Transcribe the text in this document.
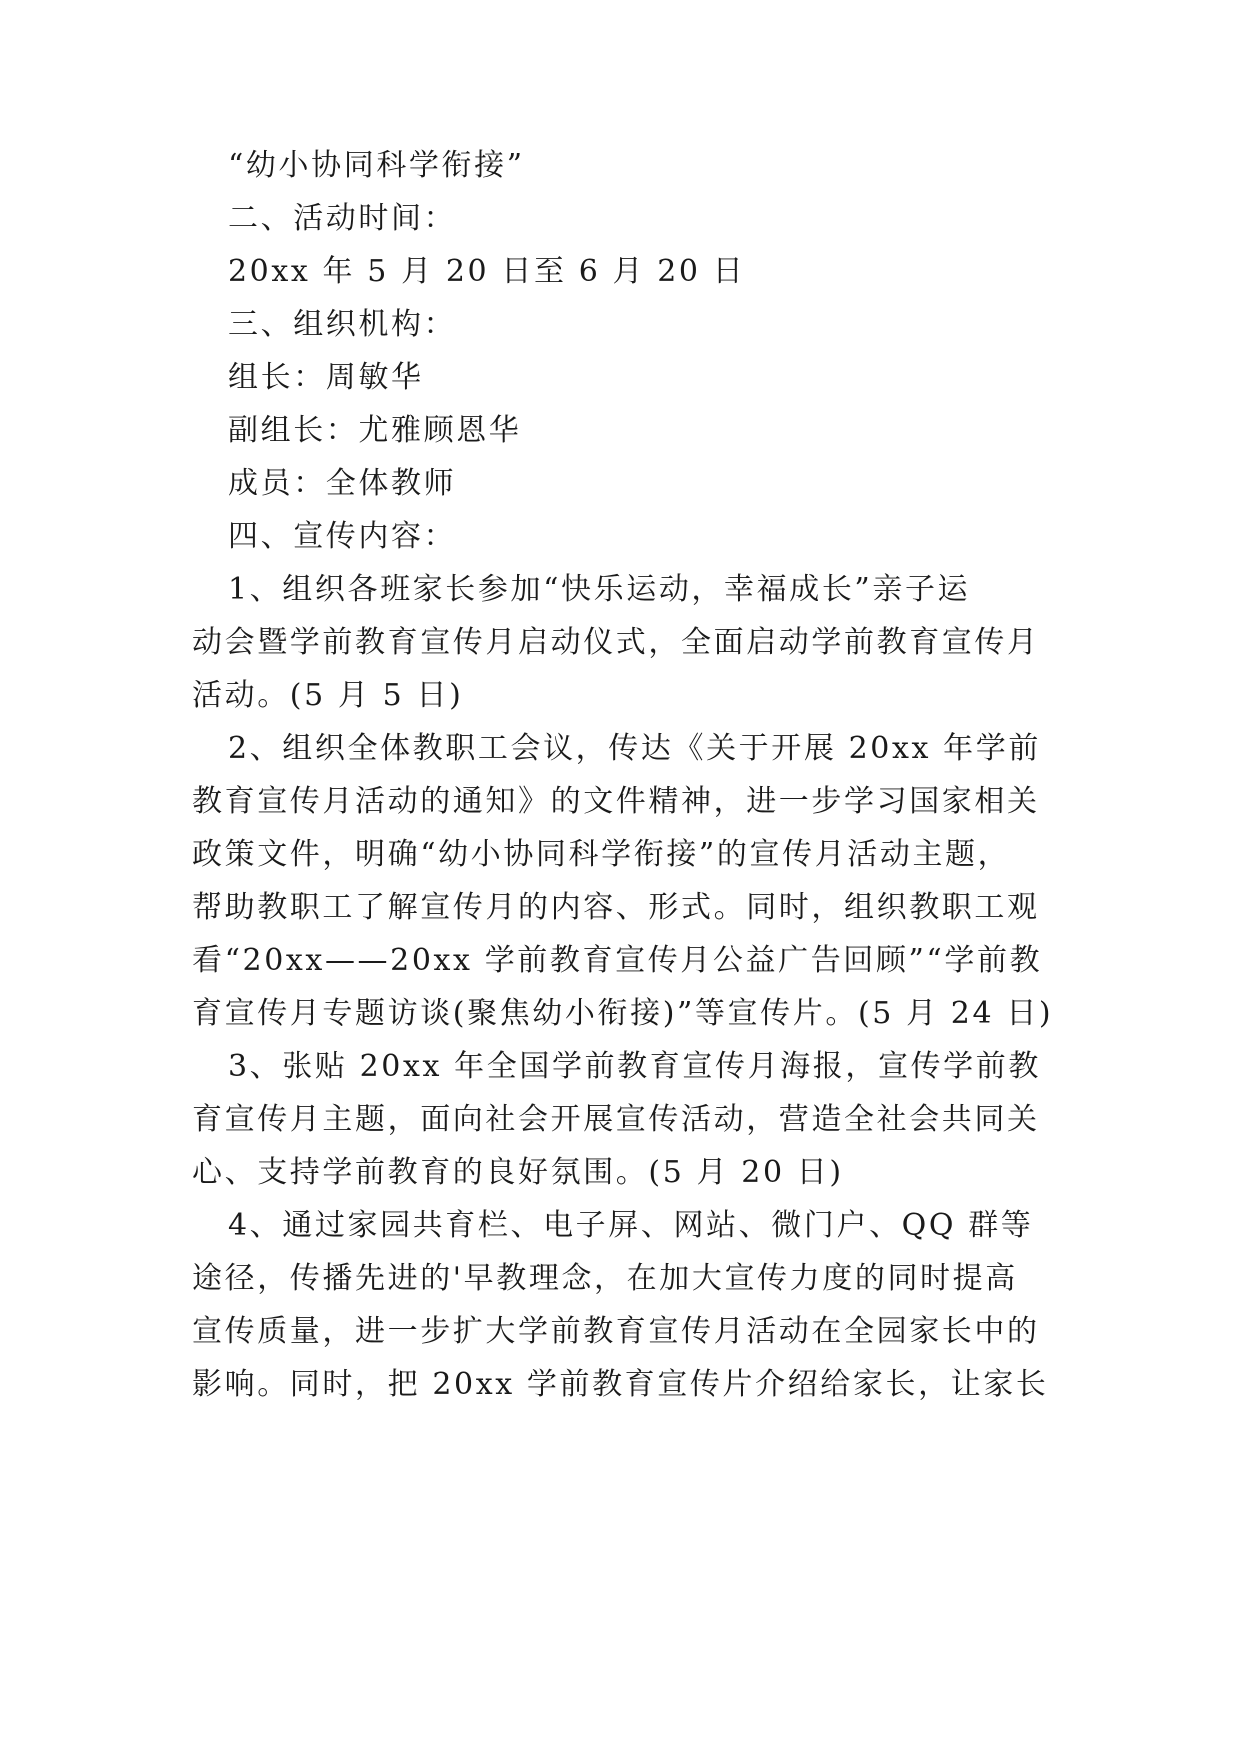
“幼小协同科学衔接”
二、活动时间：
20xx 年 5 月 20 日至 6 月 20 日
三、组织机构：
组长：周敏华
副组长：尤雅顾恩华
成员：全体教师
四、宣传内容：
1、组织各班家长参加“快乐运动，幸福成长”亲子运
动会暨学前教育宣传月启动仪式，全面启动学前教育宣传月
活动。(5 月 5 日)
2、组织全体教职工会议，传达《关于开展 20xx 年学前
教育宣传月活动的通知》的文件精神，进一步学习国家相关
政策文件，明确“幼小协同科学衔接”的宣传月活动主题，
帮助教职工了解宣传月的内容、形式。同时，组织教职工观
看“20xx——20xx 学前教育宣传月公益广告回顾”“学前教
育宣传月专题访谈(聚焦幼小衔接)”等宣传片。(5 月 24 日)
3、张贴 20xx 年全国学前教育宣传月海报，宣传学前教
育宣传月主题，面向社会开展宣传活动，营造全社会共同关
心、支持学前教育的良好氛围。(5 月 20 日)
4、通过家园共育栏、电子屏、网站、微门户、QQ 群等
途径，传播先进的'早教理念，在加大宣传力度的同时提高
宣传质量，进一步扩大学前教育宣传月活动在全园家长中的
影响。同时，把 20xx 学前教育宣传片介绍给家长，让家长
